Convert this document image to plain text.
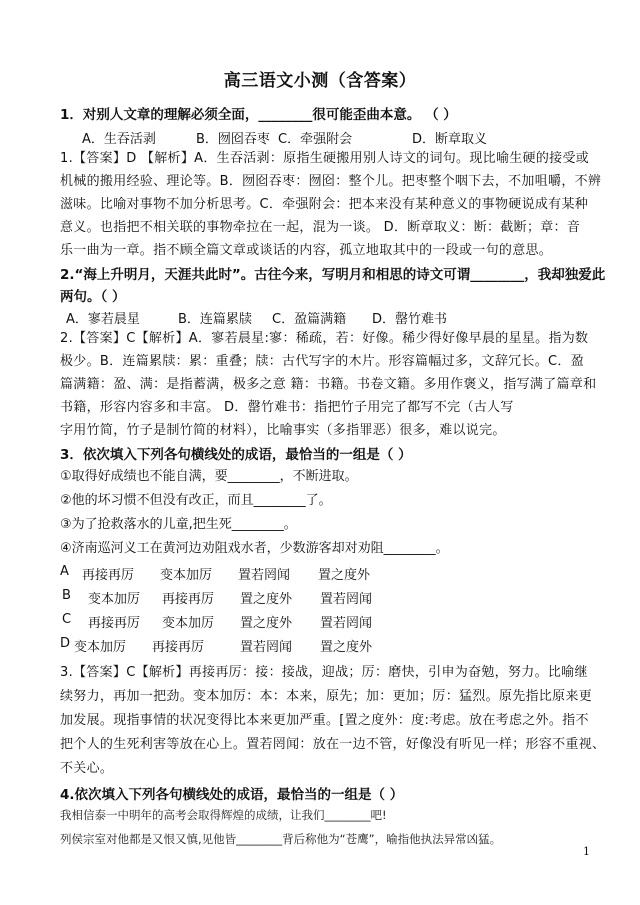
高三语文小测（含答案）
1．对别人文章的理解必须全面，________很可能歪曲本意。 （ ）
A．生吞活剥	B．囫囵吞枣 C．牵强附会	D．断章取义
1.【答案】D 【解析】A．生吞活剥：原指生硬搬用别人诗文的词句。现比喻生硬的接受或
机械的搬用经验、理论等。B．囫囵吞枣：囫囵：整个儿。把枣整个咽下去，不加咀嚼，不辨
滋味。比喻对事物不加分析思考。C．牵强附会：把本来没有某种意义的事物硬说成有某种
意义。也指把不相关联的事物牵拉在一起，混为一谈。 D．断章取义：断：截断；章：音
乐一曲为一章。指不顾全篇文章或谈话的内容，孤立地取其中的一段或一句的意思。
2.“海上升明月，天涯共此时”。古往今来，写明月和相思的诗文可谓________，我却独爱此
两句。（ ）
A．寥若晨星	B．连篇累牍 C．盈篇满籍 D．罄竹难书
2.【答案】C【解析】A．寥若晨星:寥：稀疏，若：好像。稀少得好像早晨的星星。指为数
极少。B．连篇累牍：累：重叠；牍：古代写字的木片。形容篇幅过多，文辞冗长。C．盈
篇满籍：盈、满：是指蓄满，极多之意 籍：书籍。书卷文籍。多用作褒义，指写满了篇章和
书籍，形容内容多和丰富。 D．罄竹难书：指把竹子用完了都写不完（古人写
字用竹简，竹子是制竹简的材料），比喻事实（多指罪恶）很多，难以说完。
3．依次填入下列各句横线处的成语，最恰当的一组是（ ）
①取得好成绩也不能自满，要________，不断进取。
②他的坏习惯不但没有改正，而且________了。
③为了抢救落水的儿童,把生死________。
④济南巡河义工在黄河边劝阻戏水者，少数游客却对劝阻________。
A 再接再厉 变本加厉 置若罔闻 置之度外
B 变本加厉 再接再厉 置之度外 置若罔闻
C 再接再厉 变本加厉 置之度外 置若罔闻
D 变本加厉 再接再厉	置若罔闻 置之度外
3.【答案】C【解析】再接再厉：接：接战，迎战；厉：磨快，引申为奋勉，努力。比喻继
续努力，再加一把劲。变本加厉：本：本来，原先；加：更加；厉：猛烈。原先指比原来更
加发展。现指事情的状况变得比本来更加严重。[置之度外：度:考虑。放在考虑之外。指不
把个人的生死利害等放在心上。置若罔闻：放在一边不管，好像没有听见一样；形容不重视、
不关心。
4.依次填入下列各句横线处的成语，最恰当的一组是（ ）
我相信泰一中明年的高考会取得辉煌的成绩，让我们________吧!
列侯宗室对他都是又恨又慎,见他皆________背后称他为“苍鹰”，喻指他执法异常凶猛。
1
